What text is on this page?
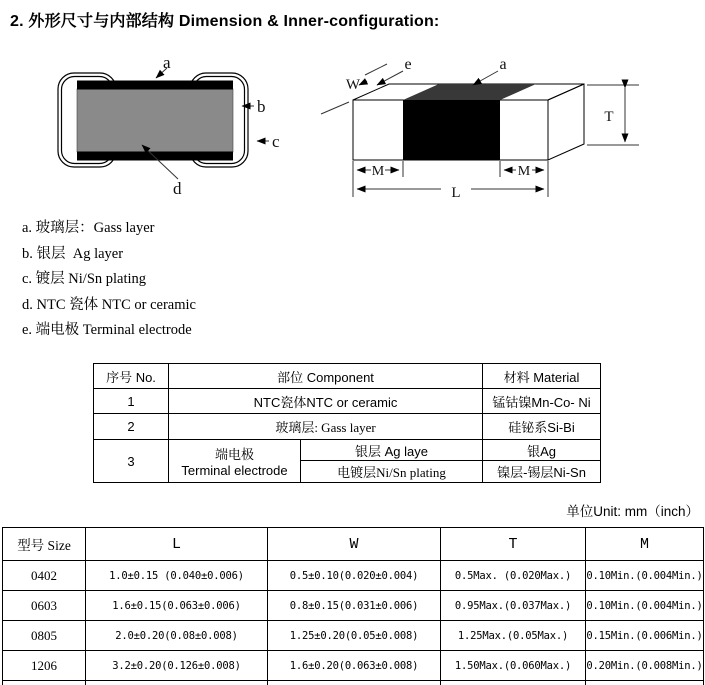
2. 外形尺寸与内部结构 Dimension & Inner-configuration:
a
b
c
d
e	a
W
T
M	M
L
a. 玻璃层：Gass layer
b. 银层  Ag layer
c. 镀层 Ni/Sn plating
d. NTC 瓷体 NTC or ceramic
e. 端电极 Terminal electrode
序号 No.	部位 Component		材料 Material
1	NTC瓷体NTC or ceramic		锰钴镍Mn-Co- Ni
2	玻璃层: Gass layer		硅铋系Si-Bi
3	端电极
Terminal electrode	银层 Ag laye	银Ag
		电镀层Ni/Sn plating	镍层-锡层Ni-Sn
单位Unit: mm（inch）
型号 Size	L	W	T	M
0402	1.0±0.15 (0.040±0.006)	0.5±0.10(0.020±0.004)	0.5Max. (0.020Max.)	0.10Min.(0.004Min.)
0603	1.6±0.15(0.063±0.006)	0.8±0.15(0.031±0.006)	0.95Max.(0.037Max.)	0.10Min.(0.004Min.)
0805	2.0±0.20(0.08±0.008)	1.25±0.20(0.05±0.008)	1.25Max.(0.05Max.)	0.15Min.(0.006Min.)
1206	3.2±0.20(0.126±0.008)	1.6±0.20(0.063±0.008)	1.50Max.(0.060Max.)	0.20Min.(0.008Min.)
